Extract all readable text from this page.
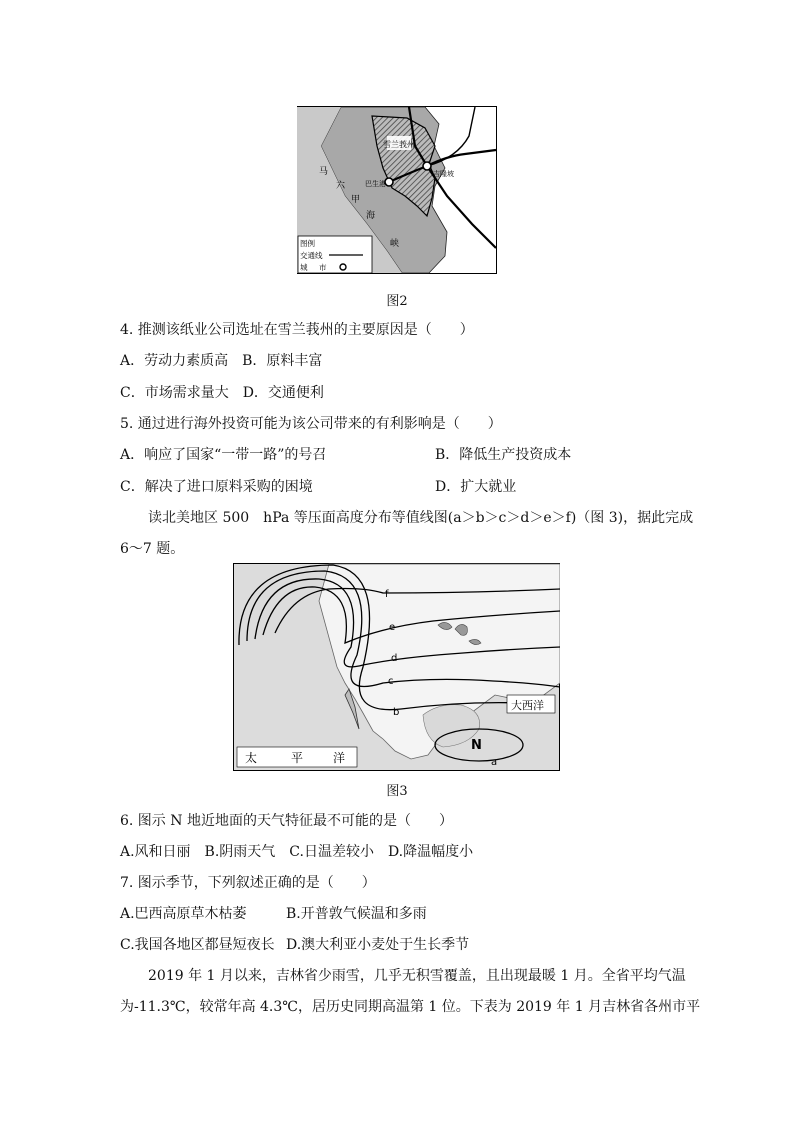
雪兰莪州
巴生港
吉隆坡
马
六
甲
海
峡
图例
交通线
城 市
图2
4. 推测该纸业公司选址在雪兰莪州的主要原因是（　　）
A．劳动力素质高　B．原料丰富
C．市场需求量大　D．交通便利
5. 通过进行海外投资可能为该公司带来的有利影响是（　　）
A．响应了国家“一带一路”的号召	B．降低生产投资成本
C．解决了进口原料采购的困境	D．扩大就业
读北美地区 500　hPa 等压面高度分布等值线图(a＞b＞c＞d＞e＞f)（图 3)，据此完成
6～7 题。
f
e
d
c
b
a
N
大西洋
太	平 洋
图3
6. 图示 N 地近地面的天气特征最不可能的是（　　）
A.风和日丽　B.阴雨天气　C.日温差较小　D.降温幅度小
7. 图示季节，下列叙述正确的是（　　）
A.巴西高原草木枯萎	B.开普敦气候温和多雨
C.我国各地区都昼短夜长 D.澳大利亚小麦处于生长季节
2019 年 1 月以来，吉林省少雨雪，几乎无积雪覆盖，且出现最暖 1 月。全省平均气温
为-11.3℃，较常年高 4.3℃，居历史同期高温第 1 位。下表为 2019 年 1 月吉林省各州市平
